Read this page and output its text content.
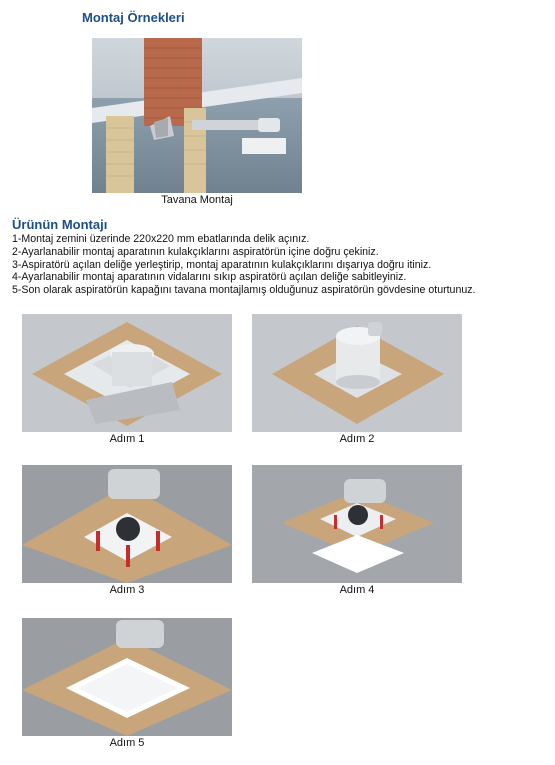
Montaj Örnekleri
Tavana Montaj
Ürünün Montajı
1-Montaj zemini üzerinde 220x220 mm ebatlarında delik açınız.
2-Ayarlanabilir montaj aparatının kulakçıklarını aspiratörün içine doğru çekiniz.
3-Aspiratörü açılan deliğe yerleştirip, montaj aparatının kulakçıklarını dışarıya doğru itiniz.
4-Ayarlanabilir montaj aparatının vidalarını sıkıp aspiratörü açılan deliğe sabitleyiniz.
5-Son olarak aspiratörün kapağını tavana montajlamış olduğunuz aspiratörün gövdesine oturtunuz.
Adım 1	Adım 2
Adım 3	Adım 4
Adım 5
